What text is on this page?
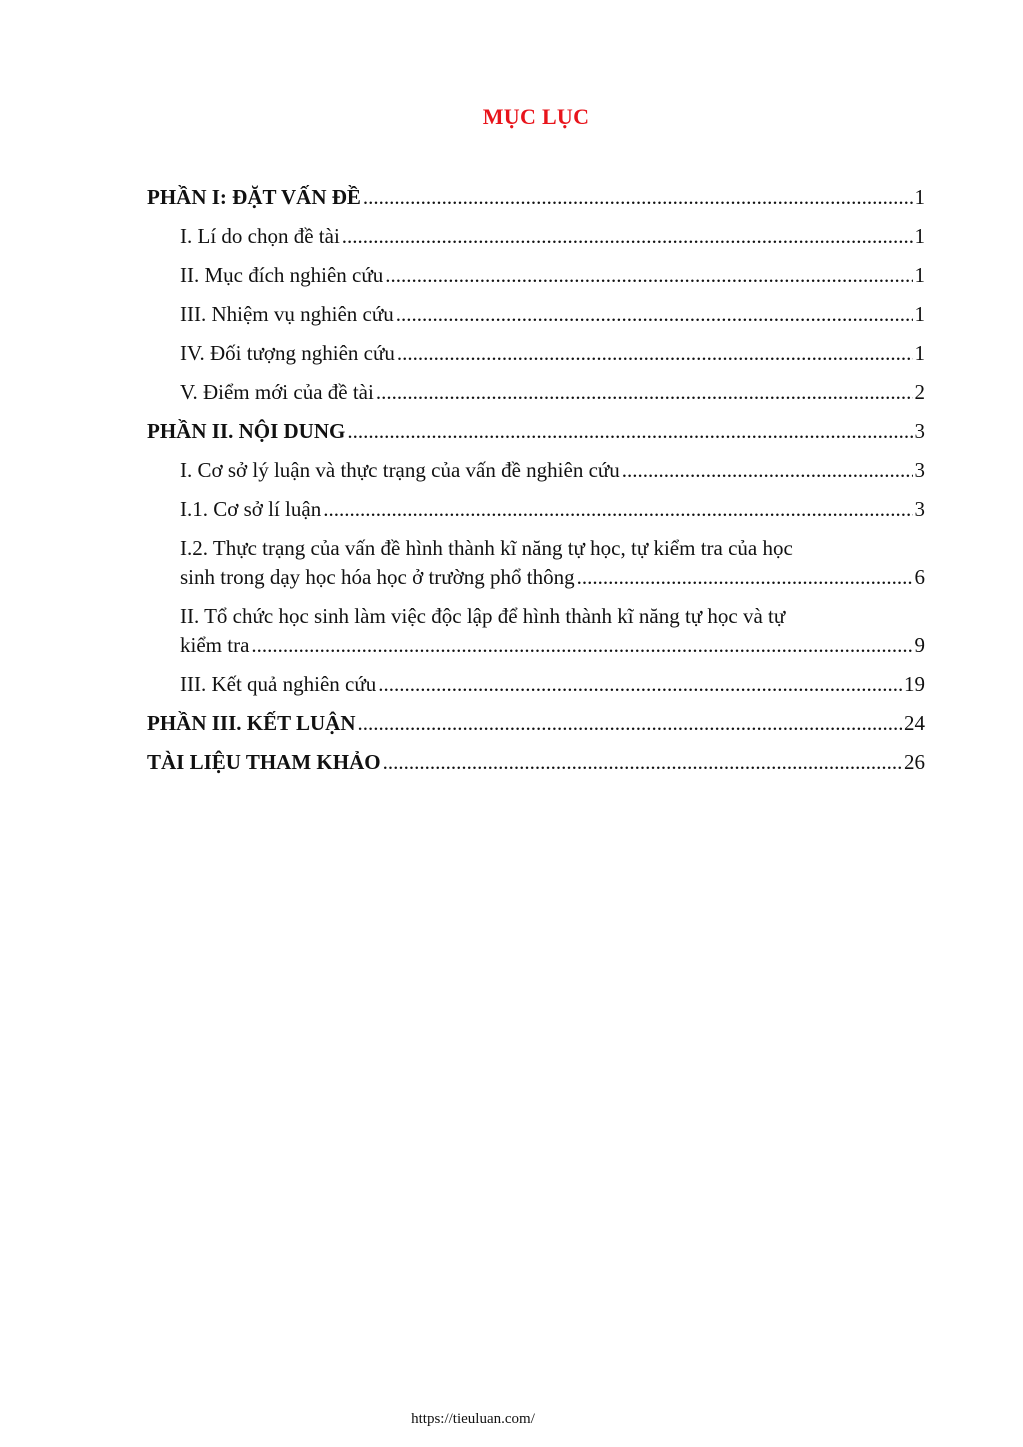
MỤC LỤC
PHẦN I: ĐẶT VẤN ĐỀ .....	1
I. Lí do chọn đề tài .....	1
II. Mục đích nghiên cứu .....	1
III. Nhiệm vụ nghiên cứu .....	1
IV. Đối tượng nghiên cứu .....	1
V. Điểm mới của đề tài .....	2
PHẦN II. NỘI DUNG .....	3
I. Cơ sở lý luận và thực trạng của vấn đề nghiên cứu .....	3
I.1. Cơ sở lí luận .....	3
I.2. Thực trạng của vấn đề hình thành kĩ năng tự học, tự kiểm tra của học
sinh trong dạy học hóa học ở trường phổ thông .....	6
II. Tổ chức học sinh làm việc độc lập để hình thành kĩ năng tự học và tự
kiểm tra .....	9
III. Kết quả nghiên cứu .....	19
PHẦN III. KẾT LUẬN .....	24
TÀI LIỆU THAM KHẢO .....	26
https://tieuluan.com/
